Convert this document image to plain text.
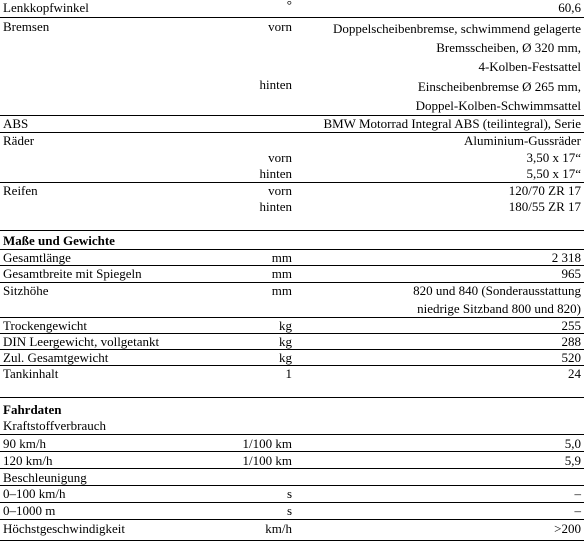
Lenkkopfwinkel	°	60,6
Bremsen	vorn	Doppelscheibenbremse, schwimmend gelagerte
Bremsscheiben, Ø 320 mm,
4-Kolben-Festsattel
hinten	Einscheibenbremse Ø 265 mm,
Doppel-Kolben-Schwimmsattel
ABS	BMW Motorrad Integral ABS (teilintegral), Serie
Räder	Aluminium-Gussräder
vorn	3,50 x 17“
hinten	5,50 x 17“
Reifen	vorn	120/70 ZR 17
hinten	180/55 ZR 17
Maße und Gewichte
Gesamtlänge	mm	2 318
Gesamtbreite mit Spiegeln	mm	965
Sitzhöhe	mm	820 und 840 (Sonderausstattung
niedrige Sitzband 800 und 820)
Trockengewicht	kg	255
DIN Leergewicht, vollgetankt	kg	288
Zul. Gesamtgewicht	kg	520
Tankinhalt	1	24
Fahrdaten
Kraftstoffverbrauch
90 km/h	1/100 km	5,0
120 km/h	1/100 km	5,9
Beschleunigung
0–100 km/h	s	–
0–1000 m	s	–
Höchstgeschwindigkeit	km/h	>200
